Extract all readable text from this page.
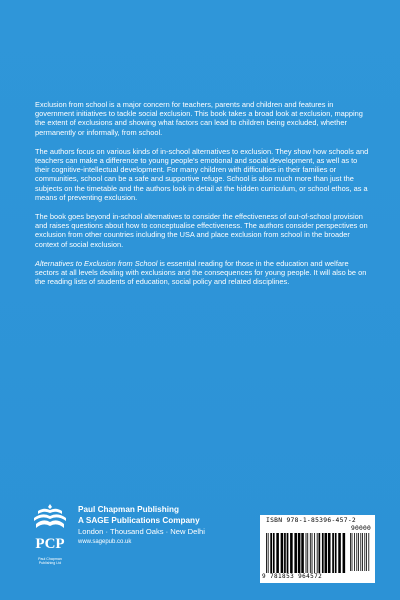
Exclusion from school is a major concern for teachers, parents and children and features in government initiatives to tackle social exclusion. This book takes a broad look at exclusion, mapping the extent of exclusions and showing what factors can lead to children being excluded, whether permanently or informally, from school.

The authors focus on various kinds of in-school alternatives to exclusion. They show how schools and teachers can make a difference to young people's emotional and social development, as well as to their cognitive-intellectual development. For many children with difficulties in their families or communities, school can be a safe and supportive refuge. School is also much more than just the subjects on the timetable and the authors look in detail at the hidden curriculum, or school ethos, as a means of preventing exclusion.

The book goes beyond in-school alternatives to consider the effectiveness of out-of-school provision and raises questions about how to conceptualise effectiveness. The authors consider perspectives on exclusion from other countries including the USA and place exclusion from school in the broader context of social exclusion.

Alternatives to Exclusion from School is essential reading for those in the education and welfare sectors at all levels dealing with exclusions and the consequences for young people. It will also be on the reading lists of students of education, social policy and related disciplines.

PCP
Paul Chapman
Publishing Ltd
Paul Chapman Publishing
A SAGE Publications Company
London · Thousand Oaks · New Delhi
www.sagepub.co.uk
ISBN 978-1-85396-457-2
90000
9 781853 964572
